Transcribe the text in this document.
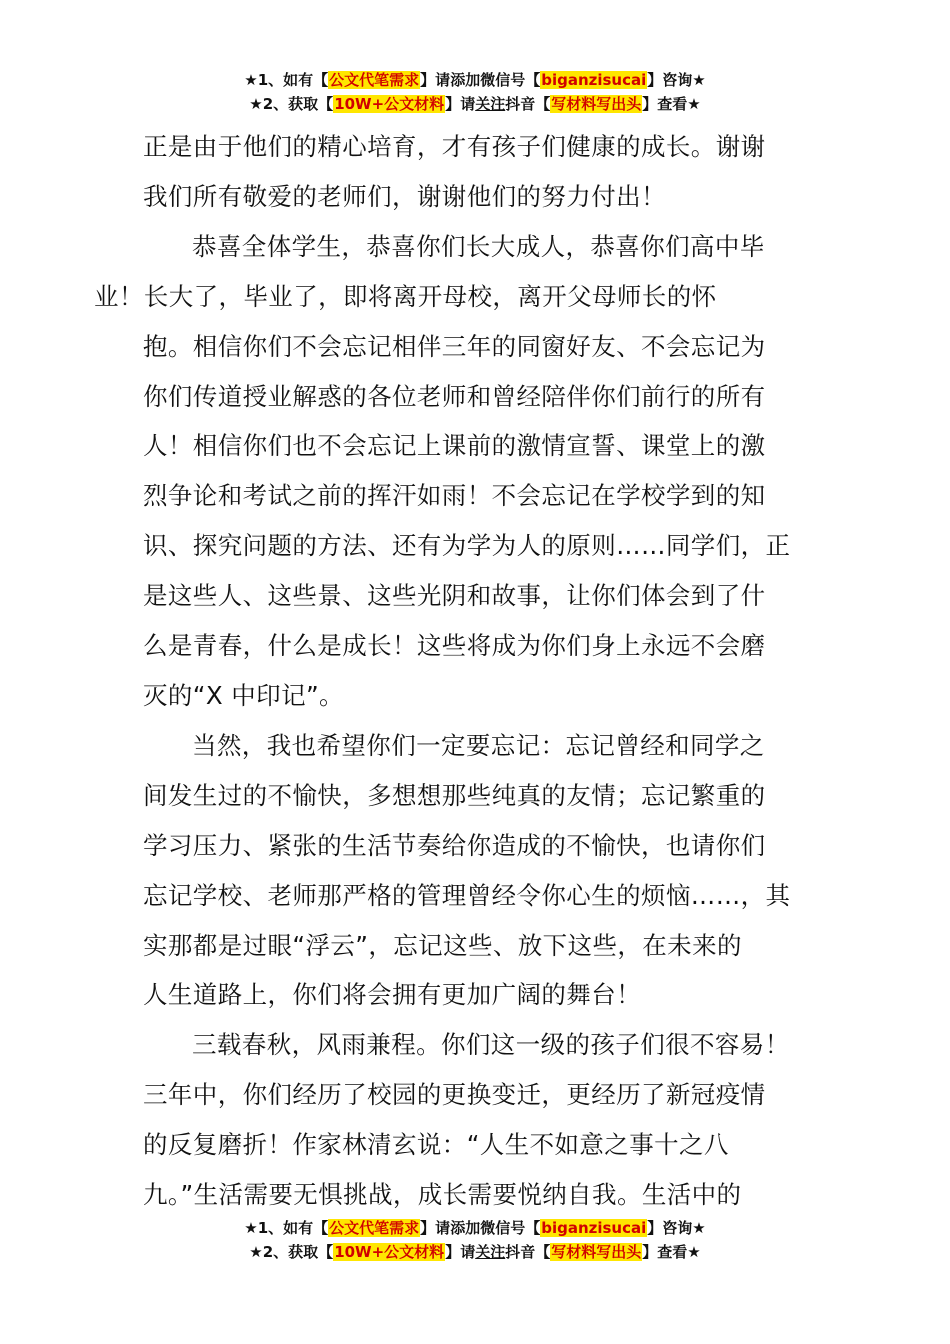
★1、如有【公文代笔需求】请添加微信号【biganzisucai】咨询★
★2、获取【10W+公文材料】请关注抖音【写材料写出头】查看★

正是由于他们的精心培育，才有孩子们健康的成长。谢谢
我们所有敬爱的老师们，谢谢他们的努力付出！

恭喜全体学生，恭喜你们长大成人，恭喜你们高中毕
业！长大了，毕业了，即将离开母校，离开父母师长的怀
抱。相信你们不会忘记相伴三年的同窗好友、不会忘记为
你们传道授业解惑的各位老师和曾经陪伴你们前行的所有
人！相信你们也不会忘记上课前的激情宣誓、课堂上的激
烈争论和考试之前的挥汗如雨！不会忘记在学校学到的知
识、探究问题的方法、还有为学为人的原则……同学们，正
是这些人、这些景、这些光阴和故事，让你们体会到了什
么是青春，什么是成长！这些将成为你们身上永远不会磨
灭的“X 中印记”。

当然，我也希望你们一定要忘记：忘记曾经和同学之
间发生过的不愉快，多想想那些纯真的友情；忘记繁重的
学习压力、紧张的生活节奏给你造成的不愉快，也请你们
忘记学校、老师那严格的管理曾经令你心生的烦恼……，其
实那都是过眼“浮云”，忘记这些、放下这些，在未来的
人生道路上，你们将会拥有更加广阔的舞台！

三载春秋，风雨兼程。你们这一级的孩子们很不容易！
三年中，你们经历了校园的更换变迁，更经历了新冠疫情
的反复磨折！作家林清玄说：“人生不如意之事十之八
九。”生活需要无惧挑战，成长需要悦纳自我。生活中的

★1、如有【公文代笔需求】请添加微信号【biganzisucai】咨询★
★2、获取【10W+公文材料】请关注抖音【写材料写出头】查看★
